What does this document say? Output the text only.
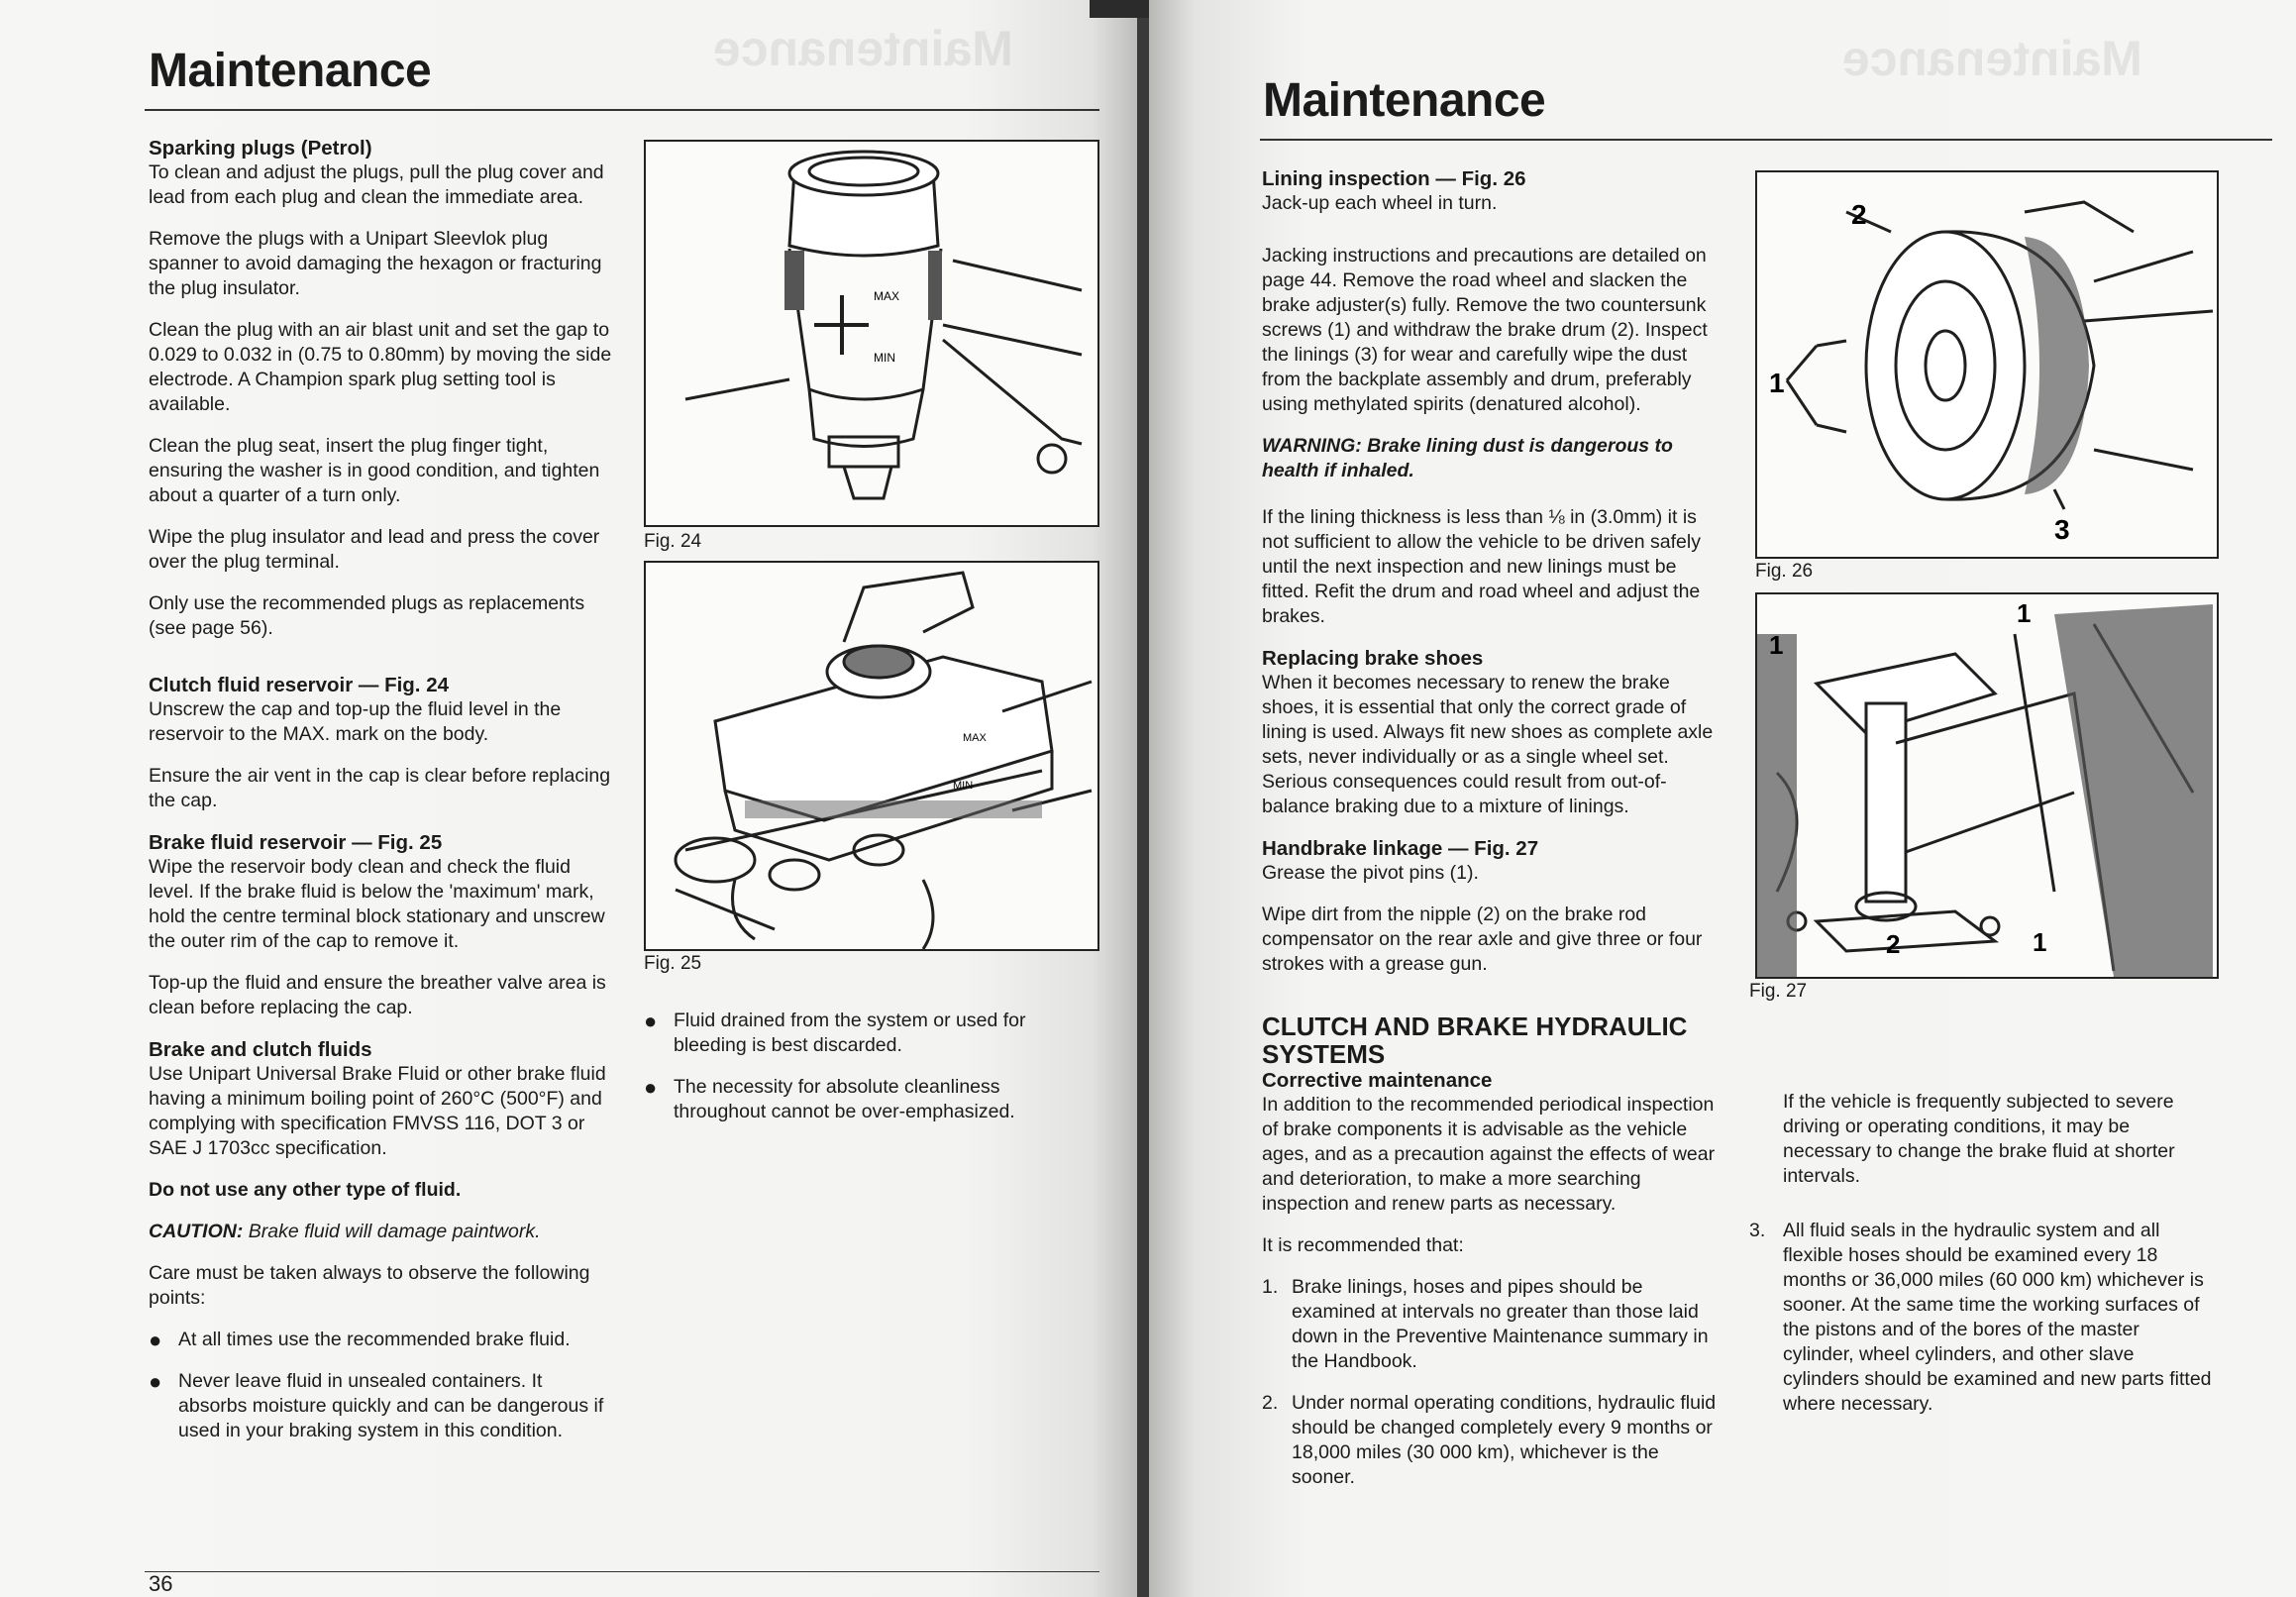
Maintenance
Maintenance
Sparking plugs (Petrol)

To clean and adjust the plugs, pull the plug cover and lead from each plug and clean the immediate area.

Remove the plugs with a Unipart Sleevlok plug spanner to avoid damaging the hexagon or fracturing the plug insulator.

Clean the plug with an air blast unit and set the gap to 0.029 to 0.032 in (0.75 to 0.80mm) by moving the side electrode. A Champion spark plug setting tool is available.

Clean the plug seat, insert the plug finger tight, ensuring the washer is in good condition, and tighten about a quarter of a turn only.

Wipe the plug insulator and lead and press the cover over the plug terminal.

Only use the recommended plugs as replacements (see page 56).

Clutch fluid reservoir — Fig. 24

Unscrew the cap and top-up the fluid level in the reservoir to the MAX. mark on the body.

Ensure the air vent in the cap is clear before replacing the cap.

Brake fluid reservoir — Fig. 25

Wipe the reservoir body clean and check the fluid level. If the brake fluid is below the 'maximum' mark, hold the centre terminal block stationary and unscrew the outer rim of the cap to remove it.

Top-up the fluid and ensure the breather valve area is clean before replacing the cap.

Brake and clutch fluids

Use Unipart Universal Brake Fluid or other brake fluid having a minimum boiling point of 260°C (500°F) and complying with specification FMVSS 116, DOT 3 or SAE J 1703cc specification.

Do not use any other type of fluid.

CAUTION: Brake fluid will damage paintwork.

Care must be taken always to observe the following points:

● At all times use the recommended brake fluid.
● Never leave fluid in unsealed containers. It absorbs moisture quickly and can be dangerous if used in your braking system in this condition.
MAX
MIN
Fig. 24
MAX
MIN
Fig. 25
● Fluid drained from the system or used for bleeding is best discarded.
● The necessity for absolute cleanliness throughout cannot be over-emphasized.
36
Maintenance
Maintenance
Lining inspection — Fig. 26

Jack-up each wheel in turn.

Jacking instructions and precautions are detailed on page 44. Remove the road wheel and slacken the brake adjuster(s) fully. Remove the two countersunk screws (1) and withdraw the brake drum (2). Inspect the linings (3) for wear and carefully wipe the dust from the backplate assembly and drum, preferably using methylated spirits (denatured alcohol).

WARNING: Brake lining dust is dangerous to health if inhaled.

If the lining thickness is less than ⅛ in (3.0mm) it is not sufficient to allow the vehicle to be driven safely until the next inspection and new linings must be fitted. Refit the drum and road wheel and adjust the brakes.

Replacing brake shoes

When it becomes necessary to renew the brake shoes, it is essential that only the correct grade of lining is used. Always fit new shoes as complete axle sets, never individually or as a single wheel set. Serious consequences could result from out-of-balance braking due to a mixture of linings.

Handbrake linkage — Fig. 27

Grease the pivot pins (1).

Wipe dirt from the nipple (2) on the brake rod compensator on the rear axle and give three or four strokes with a grease gun.

CLUTCH AND BRAKE HYDRAULIC SYSTEMS
Corrective maintenance

In addition to the recommended periodical inspection of brake components it is advisable as the vehicle ages, and as a precaution against the effects of wear and deterioration, to make a more searching inspection and renew parts as necessary.

It is recommended that:

1. Brake linings, hoses and pipes should be examined at intervals no greater than those laid down in the Preventive Maintenance summary in the Handbook.
2. Under normal operating conditions, hydraulic fluid should be changed completely every 9 months or 18,000 miles (30 000 km), whichever is the sooner.
2
1
3
Fig. 26
1
1
1
2
Fig. 27

If the vehicle is frequently subjected to severe driving or operating conditions, it may be necessary to change the brake fluid at shorter intervals.

3. All fluid seals in the hydraulic system and all flexible hoses should be examined every 18 months or 36,000 miles (60 000 km) whichever is sooner. At the same time the working surfaces of the pistons and of the bores of the master cylinder, wheel cylinders, and other slave cylinders should be examined and new parts fitted where necessary.
